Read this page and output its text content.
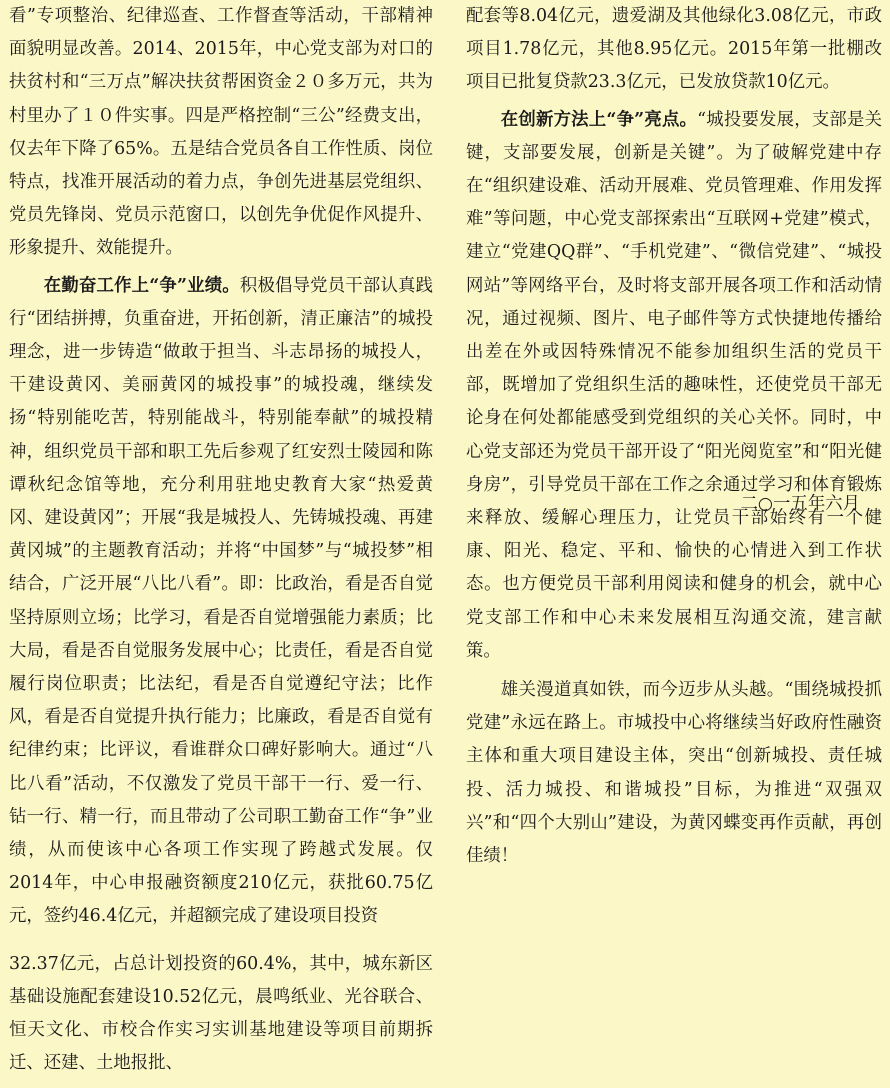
看”专项整治、纪律巡查、工作督查等活动，干部精神面貌明显改善。2014、2015年，中心党支部为对口的扶贫村和“三万点”解决扶贫帮困资金２０多万元，共为村里办了１０件实事。四是严格控制“三公”经费支出，仅去年下降了65%。五是结合党员各自工作性质、岗位特点，找准开展活动的着力点，争创先进基层党组织、党员先锋岗、党员示范窗口，以创先争优促作风提升、形象提升、效能提升。

在勤奋工作上“争”业绩。积极倡导党员干部认真践行“团结拼搏，负重奋进，开拓创新，清正廉洁”的城投理念，进一步铸造“做敢于担当、斗志昂扬的城投人，干建设黄冈、美丽黄冈的城投事”的城投魂，继续发扬“特别能吃苦，特别能战斗，特别能奉献”的城投精神，组织党员干部和职工先后参观了红安烈士陵园和陈谭秋纪念馆等地，充分利用驻地史教育大家“热爱黄冈、建设黄冈”；开展“我是城投人、先铸城投魂、再建黄冈城”的主题教育活动；并将“中国梦”与“城投梦”相结合，广泛开展“八比八看”。即：比政治，看是否自觉坚持原则立场；比学习，看是否自觉增强能力素质；比大局，看是否自觉服务发展中心；比责任，看是否自觉履行岗位职责；比法纪，看是否自觉遵纪守法；比作风，看是否自觉提升执行能力；比廉政，看是否自觉有纪律约束；比评议，看谁群众口碑好影响大。通过“八比八看”活动，不仅激发了党员干部干一行、爱一行、钻一行、精一行，而且带动了公司职工勤奋工作“争”业绩，从而使该中心各项工作实现了跨越式发展。仅2014年，中心申报融资额度210亿元，获批60.75亿元，签约46.4亿元，并超额完成了建设项目投资

32.37亿元，占总计划投资的60.4%，其中，城东新区基础设施配套建设10.52亿元，晨鸣纸业、光谷联合、恒天文化、市校合作实习实训基地建设等项目前期拆迁、还建、土地报批、

配套等8.04亿元，遗爱湖及其他绿化3.08亿元，市政项目1.78亿元，其他8.95亿元。2015年第一批棚改项目已批复贷款23.3亿元，已发放贷款10亿元。

在创新方法上“争”亮点。“城投要发展，支部是关键，支部要发展，创新是关键”。为了破解党建中存在“组织建设难、活动开展难、党员管理难、作用发挥难”等问题，中心党支部探索出“互联网+党建”模式，建立“党建QQ群”、“手机党建”、“微信党建”、“城投网站”等网络平台，及时将支部开展各项工作和活动情况，通过视频、图片、电子邮件等方式快捷地传播给出差在外或因特殊情况不能参加组织生活的党员干部，既增加了党组织生活的趣味性，还使党员干部无论身在何处都能感受到党组织的关心关怀。同时，中心党支部还为党员干部开设了“阳光阅览室”和“阳光健身房”，引导党员干部在工作之余通过学习和体育锻炼来释放、缓解心理压力，让党员干部始终有一个健康、阳光、稳定、平和、愉快的心情进入到工作状态。也方便党员干部利用阅读和健身的机会，就中心党支部工作和中心未来发展相互沟通交流，建言献策。

雄关漫道真如铁，而今迈步从头越。“围绕城投抓党建”永远在路上。市城投中心将继续当好政府性融资主体和重大项目建设主体，突出“创新城投、责任城投、活力城投、和谐城投”目标，为推进“双强双兴”和“四个大别山”建设，为黄冈蝶变再作贡献，再创佳绩！

二○一五年六月
